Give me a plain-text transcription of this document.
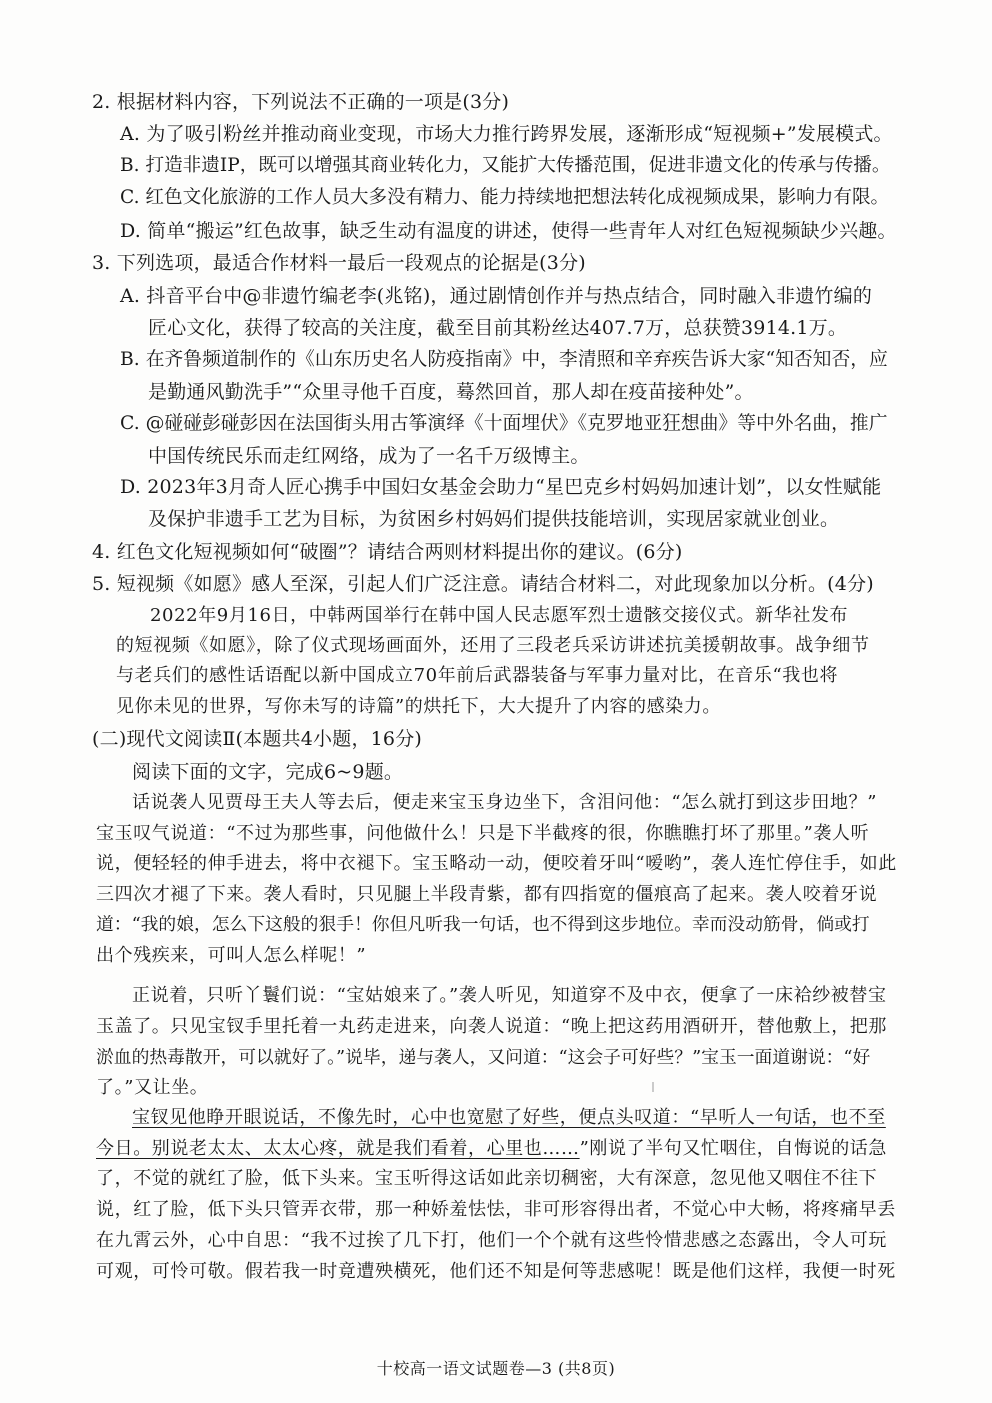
2. 根据材料内容，下列说法不正确的一项是(3分)
A. 为了吸引粉丝并推动商业变现，市场大力推行跨界发展，逐渐形成“短视频+”发展模式。
B. 打造非遗IP，既可以增强其商业转化力，又能扩大传播范围，促进非遗文化的传承与传播。
C. 红色文化旅游的工作人员大多没有精力、能力持续地把想法转化成视频成果，影响力有限。
D. 简单“搬运”红色故事，缺乏生动有温度的讲述，使得一些青年人对红色短视频缺少兴趣。
3. 下列选项，最适合作材料一最后一段观点的论据是(3分)
A. 抖音平台中@非遗竹编老李(兆铭)，通过剧情创作并与热点结合，同时融入非遗竹编的
匠心文化，获得了较高的关注度，截至目前其粉丝达407.7万，总获赞3914.1万。
B. 在齐鲁频道制作的《山东历史名人防疫指南》中，李清照和辛弃疾告诉大家“知否知否，应
是勤通风勤洗手”“众里寻他千百度，蓦然回首，那人却在疫苗接种处”。
C. @碰碰彭碰彭因在法国街头用古筝演绎《十面埋伏》《克罗地亚狂想曲》等中外名曲，推广
中国传统民乐而走红网络，成为了一名千万级博主。
D. 2023年3月奇人匠心携手中国妇女基金会助力“星巴克乡村妈妈加速计划”，以女性赋能
及保护非遗手工艺为目标，为贫困乡村妈妈们提供技能培训，实现居家就业创业。
4. 红色文化短视频如何“破圈”？请结合两则材料提出你的建议。(6分)
5. 短视频《如愿》感人至深，引起人们广泛注意。请结合材料二，对此现象加以分析。(4分)
2022年9月16日，中韩两国举行在韩中国人民志愿军烈士遗骸交接仪式。新华社发布
的短视频《如愿》，除了仪式现场画面外，还用了三段老兵采访讲述抗美援朝故事。战争细节
与老兵们的感性话语配以新中国成立70年前后武器装备与军事力量对比，在音乐“我也将
见你未见的世界，写你未写的诗篇”的烘托下，大大提升了内容的感染力。
(二)现代文阅读Ⅱ(本题共4小题，16分)
阅读下面的文字，完成6~9题。
话说袭人见贾母王夫人等去后，便走来宝玉身边坐下，含泪问他：“怎么就打到这步田地？”
宝玉叹气说道：“不过为那些事，问他做什么！只是下半截疼的很，你瞧瞧打坏了那里。”袭人听
说，便轻轻的伸手进去，将中衣褪下。宝玉略动一动，便咬着牙叫“嗳哟”，袭人连忙停住手，如此
三四次才褪了下来。袭人看时，只见腿上半段青紫，都有四指宽的僵痕高了起来。袭人咬着牙说
道：“我的娘，怎么下这般的狠手！你但凡听我一句话，也不得到这步地位。幸而没动筋骨，倘或打
出个残疾来，可叫人怎么样呢！”
正说着，只听丫鬟们说：“宝姑娘来了。”袭人听见，知道穿不及中衣，便拿了一床袷纱被替宝
玉盖了。只见宝钗手里托着一丸药走进来，向袭人说道：“晚上把这药用酒研开，替他敷上，把那
淤血的热毒散开，可以就好了。”说毕，递与袭人，又问道：“这会子可好些？”宝玉一面道谢说：“好
了。”又让坐。
宝钗见他睁开眼说话，不像先时，心中也宽慰了好些，便点头叹道：“早听人一句话，也不至
今日。别说老太太、太太心疼，就是我们看着，心里也……”刚说了半句又忙咽住，自悔说的话急
了，不觉的就红了脸，低下头来。宝玉听得这话如此亲切稠密，大有深意，忽见他又咽住不往下
说，红了脸，低下头只管弄衣带，那一种娇羞怯怯，非可形容得出者，不觉心中大畅，将疼痛早丢
在九霄云外，心中自思：“我不过挨了几下打，他们一个个就有这些怜惜悲感之态露出，令人可玩
可观，可怜可敬。假若我一时竟遭殃横死，他们还不知是何等悲感呢！既是他们这样，我便一时死
十校高一语文试题卷—3 (共8页)
